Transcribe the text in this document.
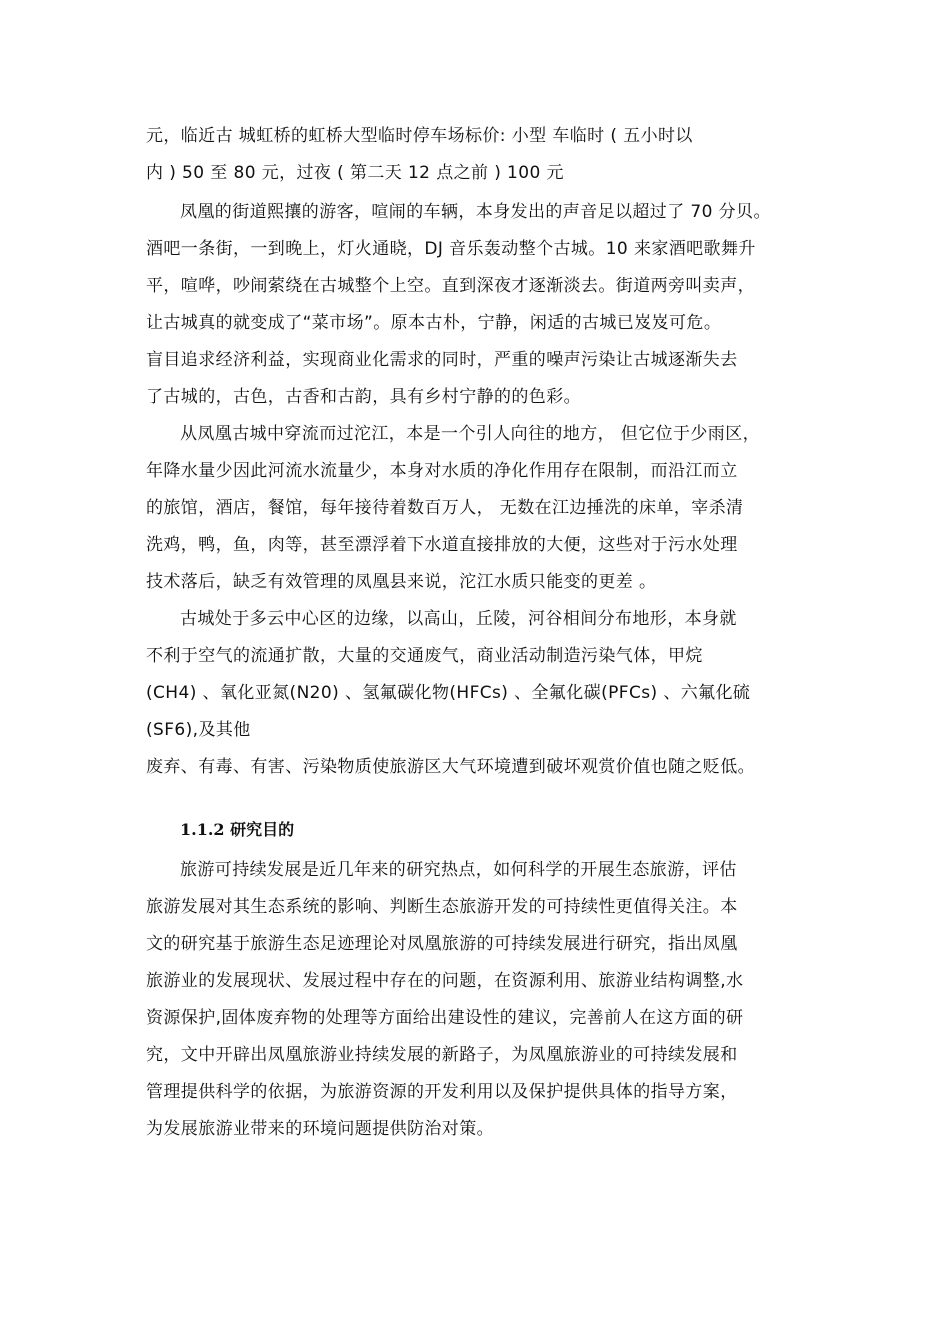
元，临近古 城虹桥的虹桥大型临时停车场标价: 小型 车临时 ( 五小时以
内 ) 50 至 80 元，过夜 ( 第二天 12 点之前 ) 100 元
凤凰的街道熙攘的游客，喧闹的车辆，本身发出的声音足以超过了 70 分贝。
酒吧一条街，一到晚上，灯火通晓，DJ 音乐轰动整个古城。10 来家酒吧歌舞升
平，喧哗，吵闹萦绕在古城整个上空。直到深夜才逐渐淡去。街道两旁叫卖声，
让古城真的就变成了“菜市场”。原本古朴，宁静，闲适的古城已岌岌可危。
盲目追求经济利益，实现商业化需求的同时，严重的噪声污染让古城逐渐失去
了古城的，古色，古香和古韵，具有乡村宁静的的色彩。
从凤凰古城中穿流而过沱江，本是一个引人向往的地方， 但它位于少雨区，
年降水量少因此河流水流量少，本身对水质的净化作用存在限制，而沿江而立
的旅馆，酒店，餐馆，每年接待着数百万人， 无数在江边捶洗的床单，宰杀清
洗鸡，鸭，鱼，肉等，甚至漂浮着下水道直接排放的大便，这些对于污水处理
技术落后，缺乏有效管理的凤凰县来说，沱江水质只能变的更差 。
古城处于多云中心区的边缘，以高山，丘陵，河谷相间分布地形，本身就
不利于空气的流通扩散，大量的交通废气，商业活动制造污染气体，甲烷
(CH4) 、氧化亚氮(N20) 、氢氟碳化物(HFCs) 、全氟化碳(PFCs) 、六氟化硫
(SF6),及其他
废弃、有毒、有害、污染物质使旅游区大气环境遭到破坏观赏价值也随之贬低。
1.1.2 研究目的
旅游可持续发展是近几年来的研究热点，如何科学的开展生态旅游，评估
旅游发展对其生态系统的影响、判断生态旅游开发的可持续性更值得关注。本
文的研究基于旅游生态足迹理论对凤凰旅游的可持续发展进行研究，指出凤凰
旅游业的发展现状、发展过程中存在的问题，在资源利用、旅游业结构调整,水
资源保护,固体废弃物的处理等方面给出建设性的建议，完善前人在这方面的研
究，文中开辟出凤凰旅游业持续发展的新路子，为凤凰旅游业的可持续发展和
管理提供科学的依据，为旅游资源的开发利用以及保护提供具体的指导方案，
为发展旅游业带来的环境问题提供防治对策。
